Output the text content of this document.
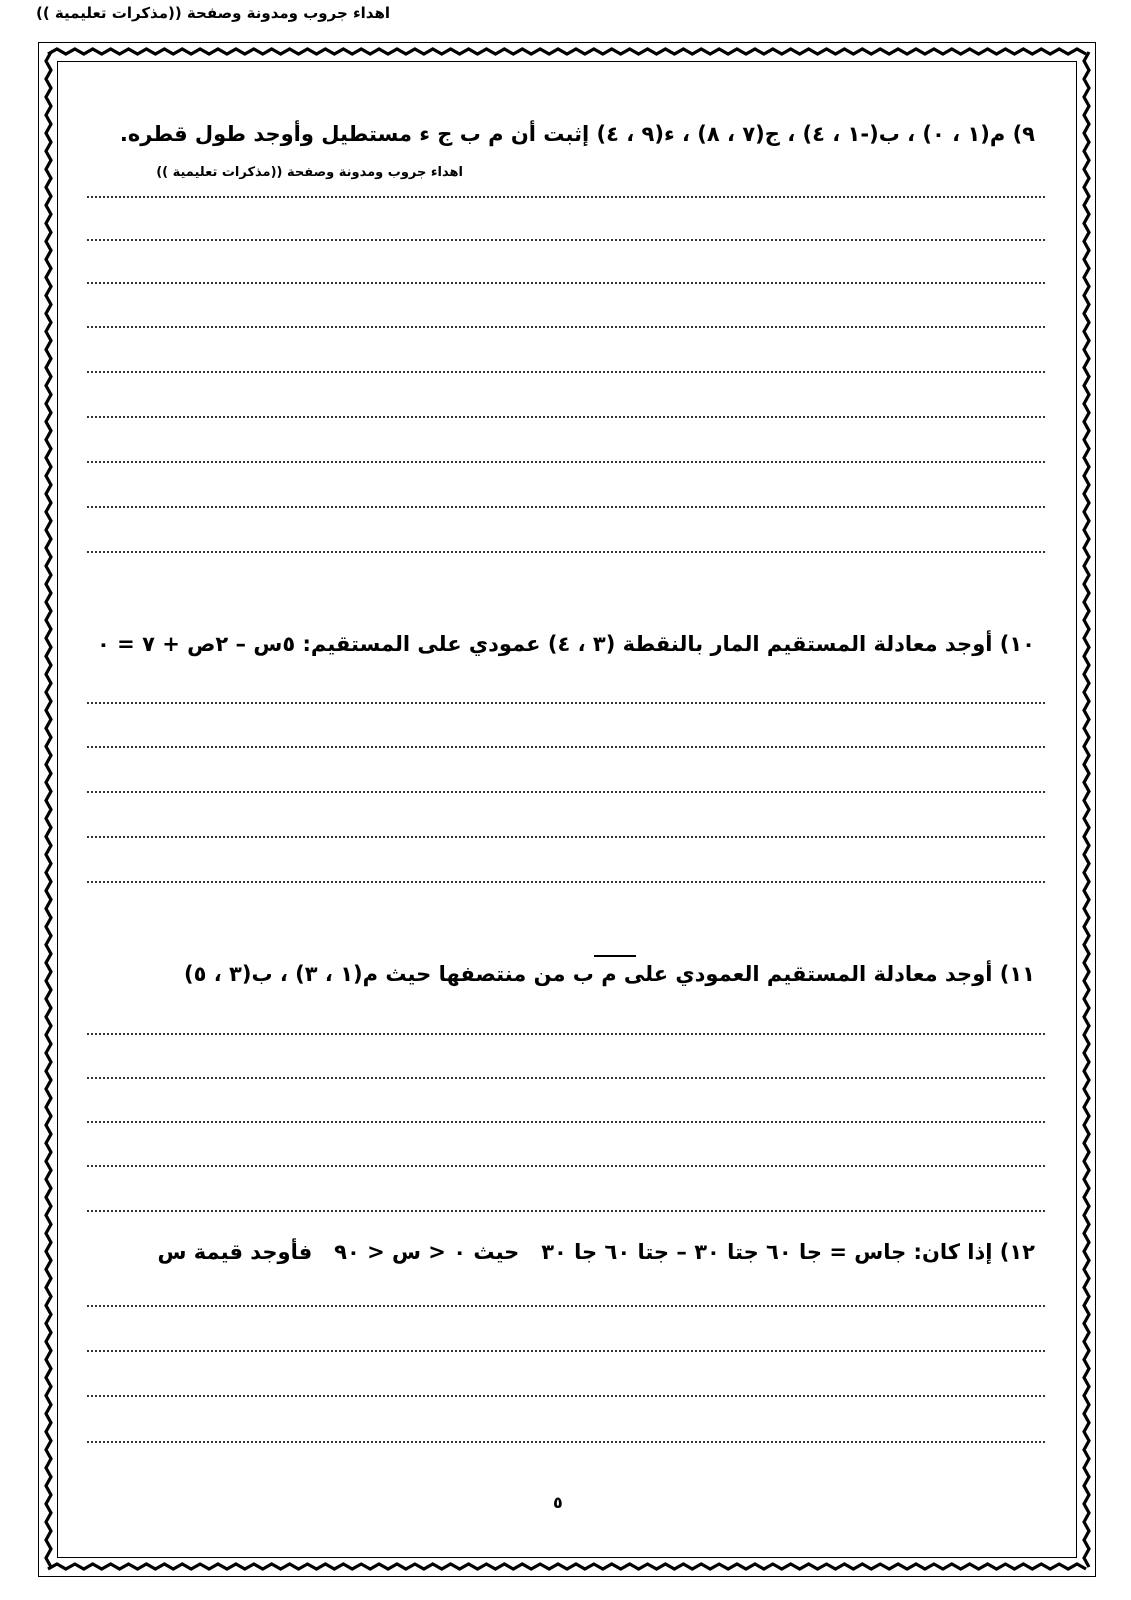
اهداء جروب ومدونة وصفحة ((مذكرات تعليمية ))
٩) ﻡ(١ ، ٠) ، ب(-١ ، ٤) ، ج(٧ ، ٨) ، ء(٩ ، ٤) إثبت أن ﻡ ب ج ء مستطيل وأوجد طول قطره.
اهداء جروب ومدونة وصفحة ((مذكرات تعليمية ))
١٠) أوجد معادلة المستقيم المار بالنقطة (٣ ، ٤) عمودي على المستقيم: ٥س – ٢ص + ٧ = ٠
١١) أوجد معادلة المستقيم العمودي على ﻡ ب من منتصفها حيث ﻡ(١ ، ٣) ، ب(٣ ، ٥)
١٢) إذا كان: جاس = جا ٦٠ جتا ٣٠ – جتا ٦٠ جا ٣٠   حيث ٠ < س < ٩٠   فأوجد قيمة س
٥
